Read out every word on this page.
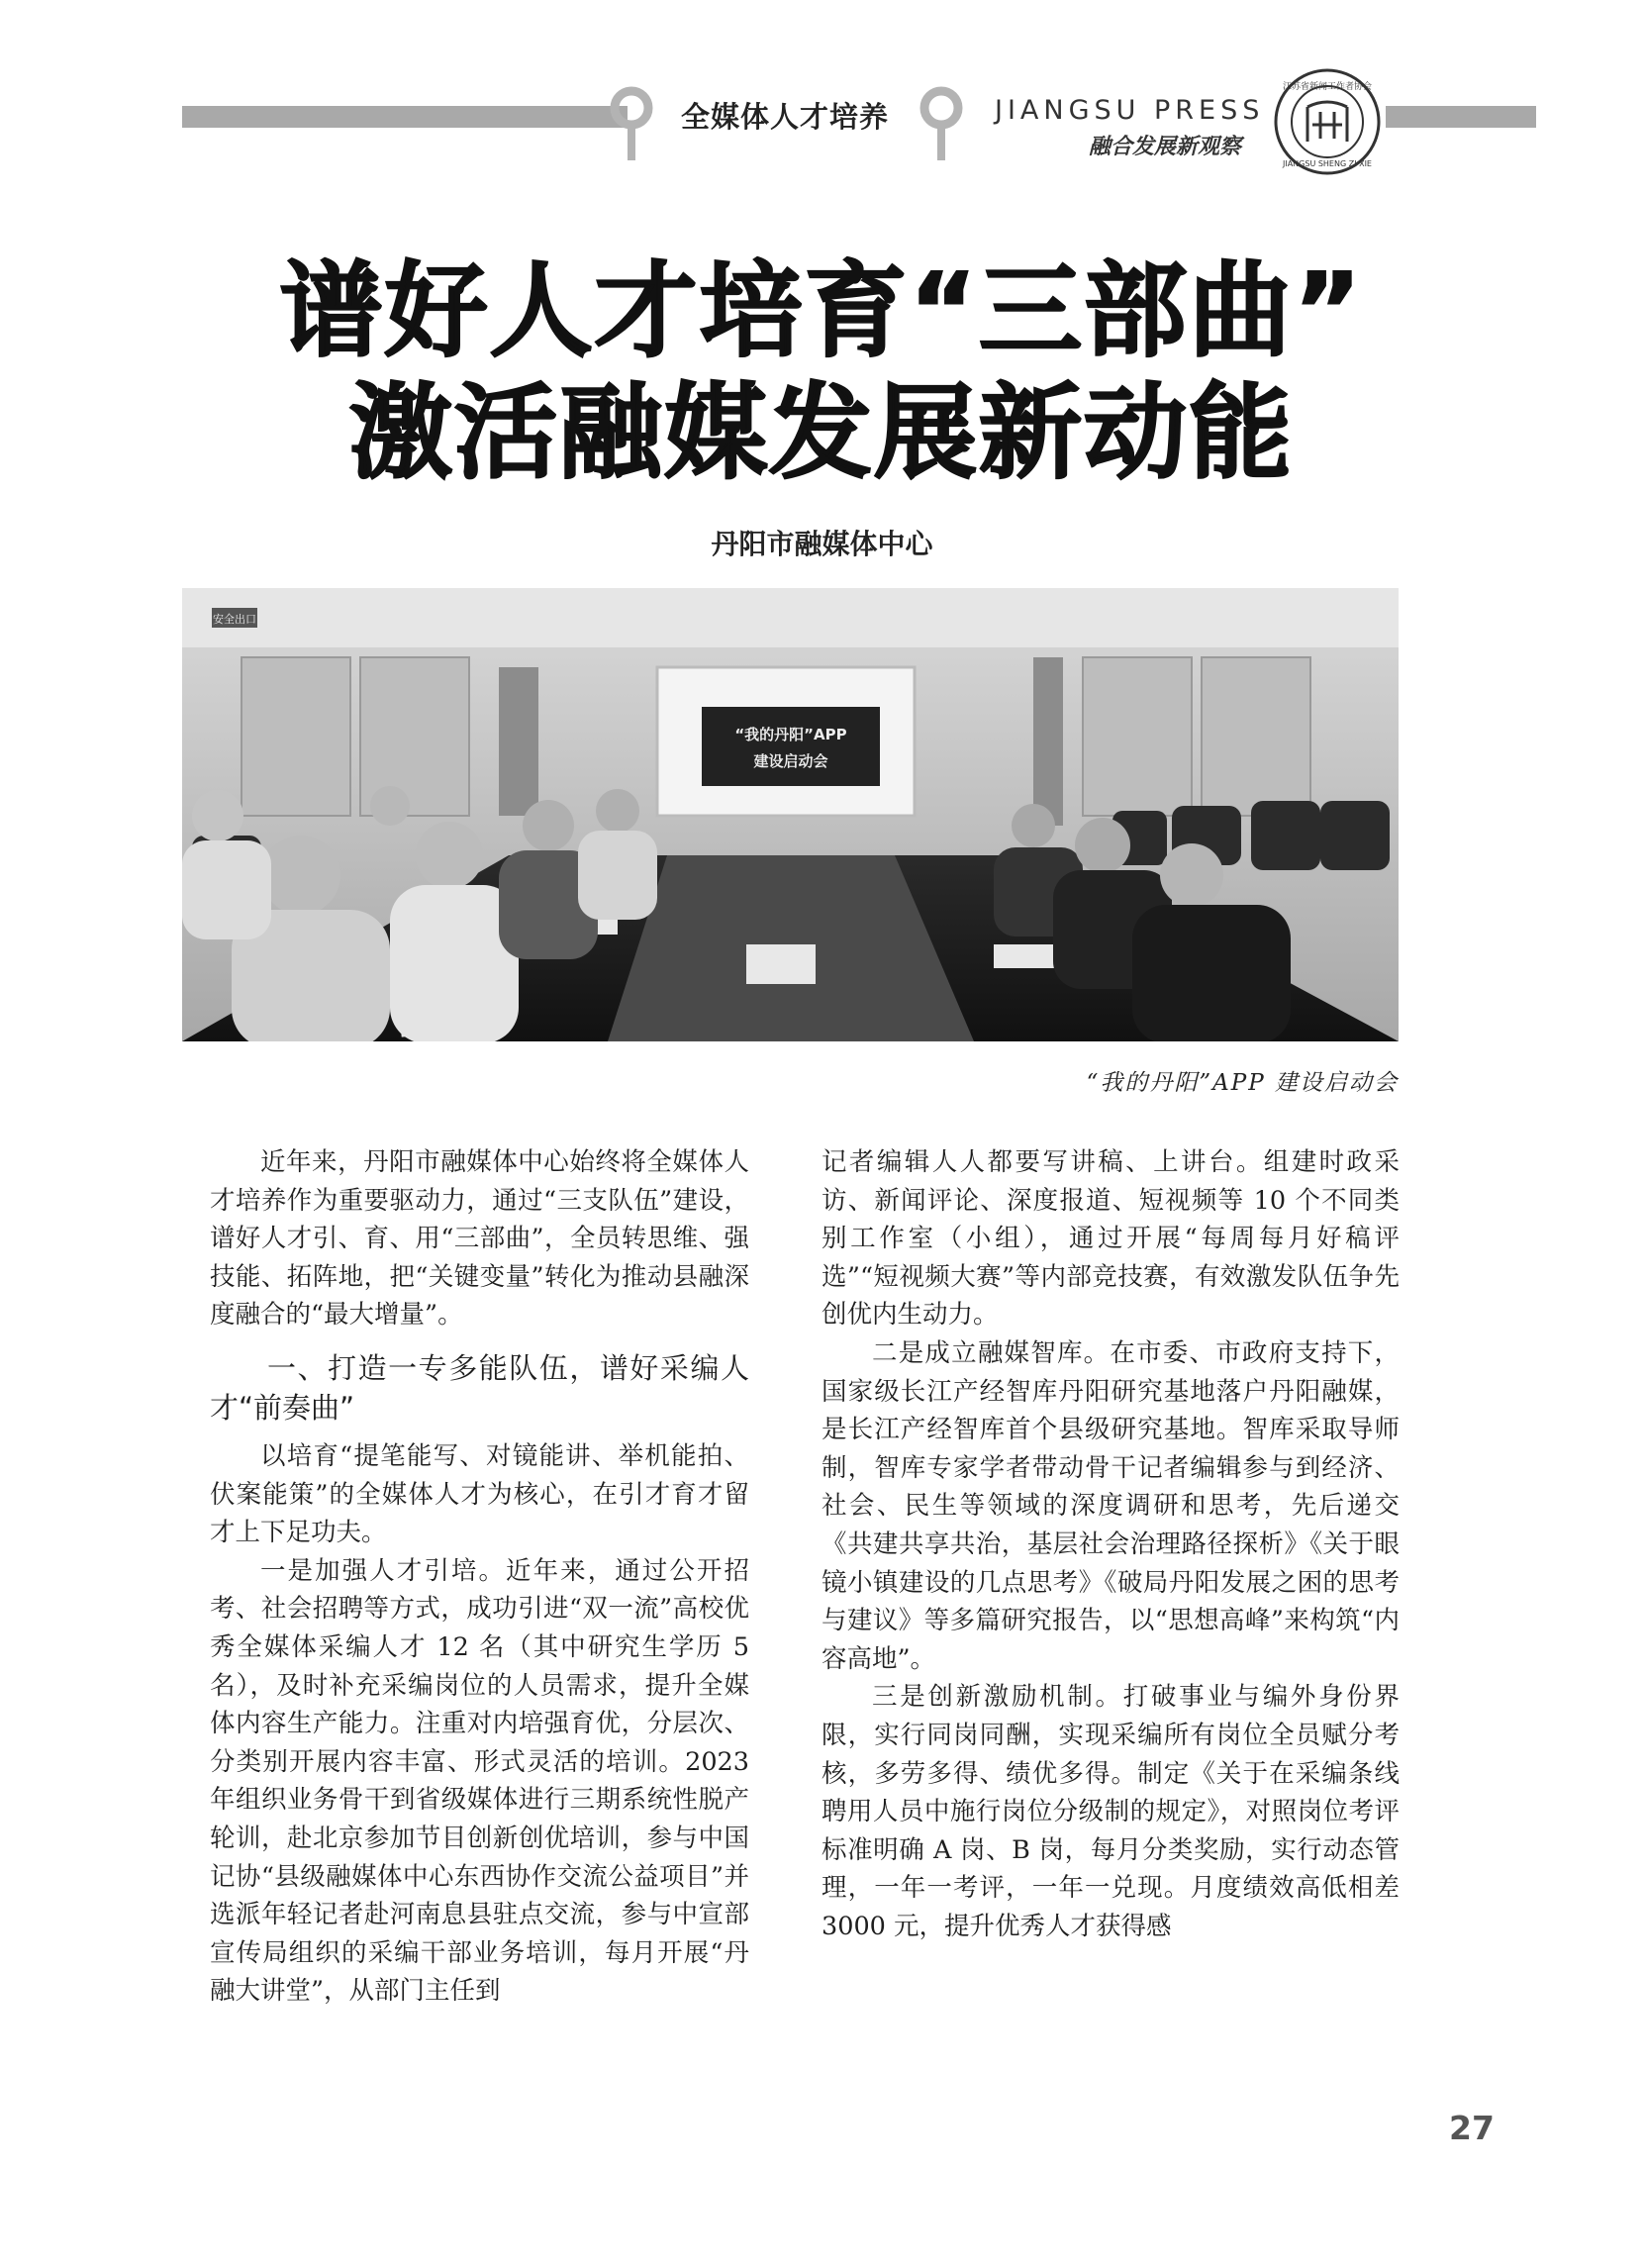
全媒体人才培养	JIANGSU PRESS
融合发展新观察
江苏省新闻工作者协会
JIANGSU SHENG ZI XIE
谱好人才培育“三部曲”
激活融媒发展新动能
丹阳市融媒体中心
安全出口
“我的丹阳”APP
建设启动会
“我的丹阳”APP 建设启动会

近年来，丹阳市融媒体中心始终将全媒体人才培养作为重要驱动力，通过“三支队伍”建设，谱好人才引、育、用“三部曲”，全员转思维、强技能、拓阵地，把“关键变量”转化为推动县融深度融合的“最大增量”。

一、打造一专多能队伍，谱好采编人才“前奏曲”

以培育“提笔能写、对镜能讲、举机能拍、伏案能策”的全媒体人才为核心，在引才育才留才上下足功夫。

一是加强人才引培。近年来，通过公开招考、社会招聘等方式，成功引进“双一流”高校优秀全媒体采编人才 12 名（其中研究生学历 5 名），及时补充采编岗位的人员需求，提升全媒体内容生产能力。注重对内培强育优，分层次、分类别开展内容丰富、形式灵活的培训。2023 年组织业务骨干到省级媒体进行三期系统性脱产轮训，赴北京参加节目创新创优培训，参与中国记协“县级融媒体中心东西协作交流公益项目”并选派年轻记者赴河南息县驻点交流，参与中宣部宣传局组织的采编干部业务培训，每月开展“丹融大讲堂”，从部门主任到

记者编辑人人都要写讲稿、上讲台。组建时政采访、新闻评论、深度报道、短视频等 10 个不同类别工作室（小组），通过开展“每周每月好稿评选”“短视频大赛”等内部竞技赛，有效激发队伍争先创优内生动力。

二是成立融媒智库。在市委、市政府支持下，国家级长江产经智库丹阳研究基地落户丹阳融媒，是长江产经智库首个县级研究基地。智库采取导师制，智库专家学者带动骨干记者编辑参与到经济、社会、民生等领域的深度调研和思考，先后递交《共建共享共治，基层社会治理路径探析》《关于眼镜小镇建设的几点思考》《破局丹阳发展之困的思考与建议》等多篇研究报告，以“思想高峰”来构筑“内容高地”。

三是创新激励机制。打破事业与编外身份界限，实行同岗同酬，实现采编所有岗位全员赋分考核，多劳多得、绩优多得。制定《关于在采编条线聘用人员中施行岗位分级制的规定》，对照岗位考评标准明确 A 岗、B 岗，每月分类奖励，实行动态管理，一年一考评，一年一兑现。月度绩效高低相差 3000 元，提升优秀人才获得感

27
